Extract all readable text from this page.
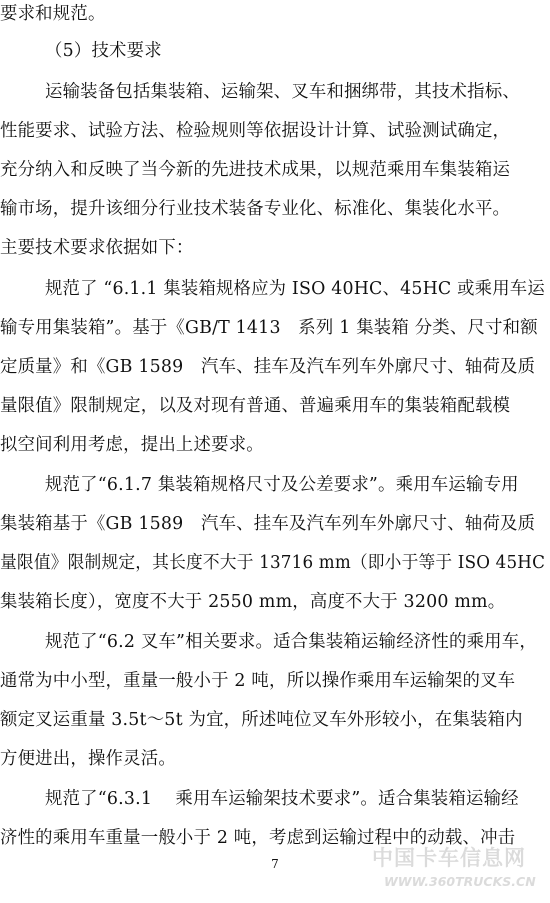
要求和规范。
（5）技术要求
运输装备包括集装箱、运输架、叉车和捆绑带，其技术指标、
性能要求、试验方法、检验规则等依据设计计算、试验测试确定，
充分纳入和反映了当今新的先进技术成果，以规范乘用车集装箱运
输市场，提升该细分行业技术装备专业化、标准化、集装化水平。
主要技术要求依据如下：
规范了 “6.1.1 集装箱规格应为 ISO 40HC、45HC 或乘用车运
输专用集装箱”。基于《GB/T 1413　系列 1 集装箱 分类、尺寸和额
定质量》和《GB 1589　汽车、挂车及汽车列车外廓尺寸、轴荷及质
量限值》限制规定，以及对现有普通、普遍乘用车的集装箱配载模
拟空间利用考虑，提出上述要求。
规范了“6.1.7 集装箱规格尺寸及公差要求”。乘用车运输专用
集装箱基于《GB 1589　汽车、挂车及汽车列车外廓尺寸、轴荷及质
量限值》限制规定，其长度不大于 13716 mm（即小于等于 ISO 45HC
集装箱长度），宽度不大于 2550 mm，高度不大于 3200 mm。
规范了“6.2 叉车”相关要求。适合集装箱运输经济性的乘用车，
通常为中小型，重量一般小于 2 吨，所以操作乘用车运输架的叉车
额定叉运重量 3.5t～5t 为宜，所述吨位叉车外形较小，在集装箱内
方便进出，操作灵活。
规范了“6.3.1　 乘用车运输架技术要求”。适合集装箱运输经
济性的乘用车重量一般小于 2 吨，考虑到运输过程中的动载、冲击
7	中国卡车信息网
WWW.360TRUCKS.CN
